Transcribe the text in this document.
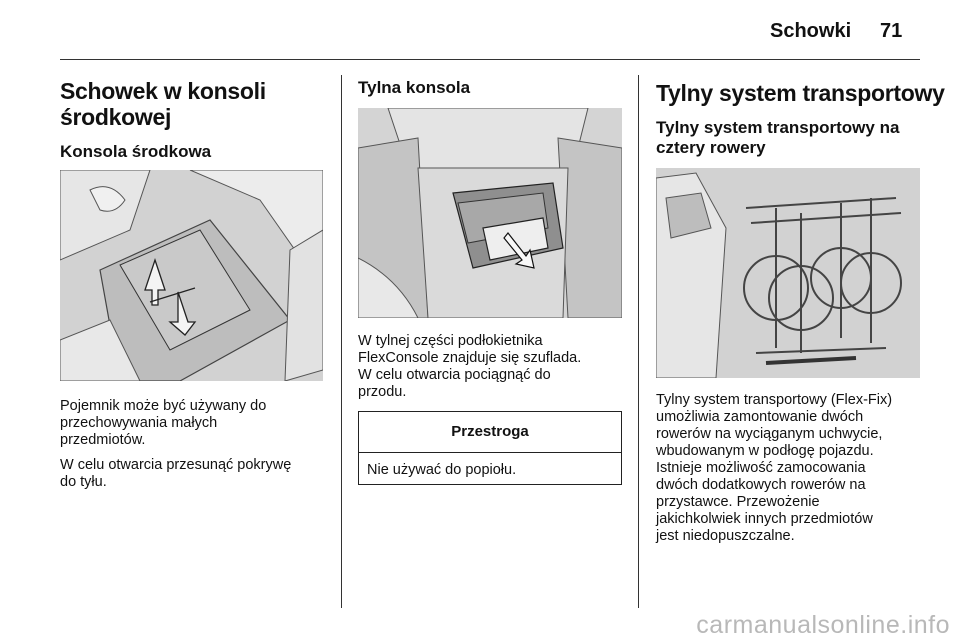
Schowki 71
Schowek w konsoli
środkowej
Konsola środkowa
Pojemnik może być używany do
przechowywania małych
przedmiotów.
W celu otwarcia przesunąć pokrywę
do tyłu.
Tylna konsola
W tylnej części podłokietnika
FlexConsole znajduje się szuflada.
W celu otwarcia pociągnąć do
przodu.
Przestroga
Nie używać do popiołu.
Tylny system transportowy
Tylny system transportowy na
cztery rowery
Tylny system transportowy (Flex-Fix)
umożliwia zamontowanie dwóch
rowerów na wyciąganym uchwycie,
wbudowanym w podłogę pojazdu.
Istnieje możliwość zamocowania
dwóch dodatkowych rowerów na
przystawce. Przewożenie
jakichkolwiek innych przedmiotów
jest niedopuszczalne.
carmanualsonline.info
